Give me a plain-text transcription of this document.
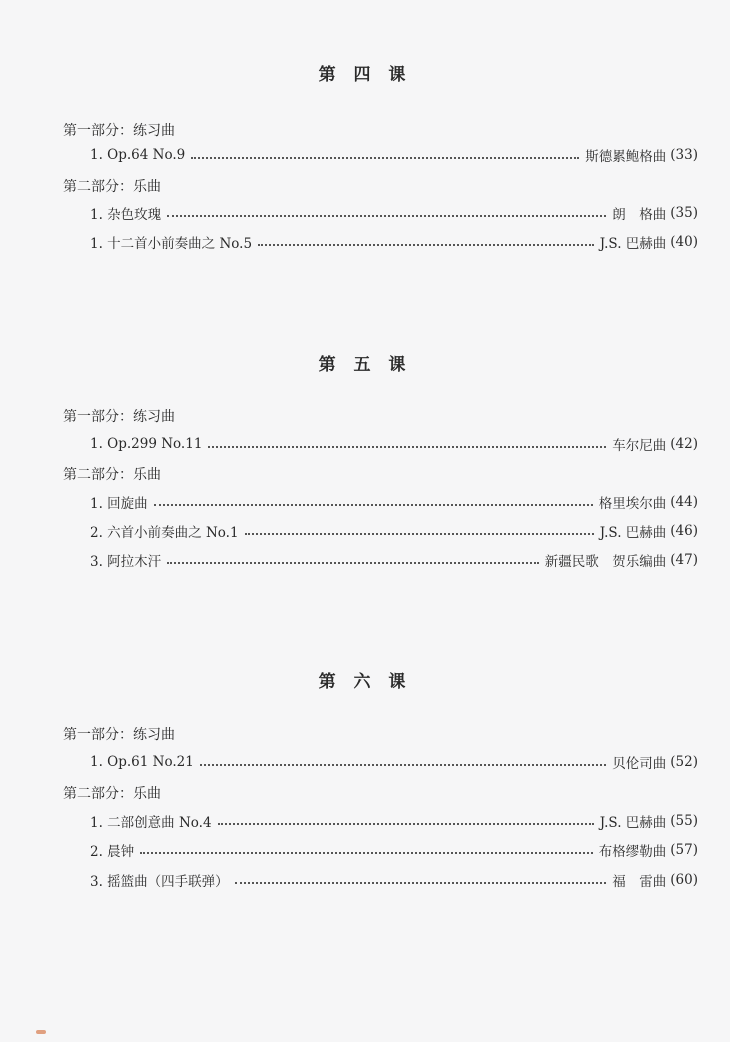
第 四 课
第一部分：练习曲
1. Op.64 No.9	斯德累鲍格曲 (33)
第二部分：乐曲
1. 杂色玫瑰	朗　格曲 (35)
1. 十二首小前奏曲之 No.5	J.S. 巴赫曲 (40)
第 五 课
第一部分：练习曲
1. Op.299 No.11	车尔尼曲 (42)
第二部分：乐曲
1. 回旋曲	格里埃尔曲 (44)
2. 六首小前奏曲之 No.1	J.S. 巴赫曲 (46)
3. 阿拉木汗	新疆民歌　贺乐编曲 (47)
第 六 课
第一部分：练习曲
1. Op.61 No.21	贝伦司曲 (52)
第二部分：乐曲
1. 二部创意曲 No.4	J.S. 巴赫曲 (55)
2. 晨钟	布格缪勒曲 (57)
3. 摇篮曲（四手联弹）	福　雷曲 (60)
